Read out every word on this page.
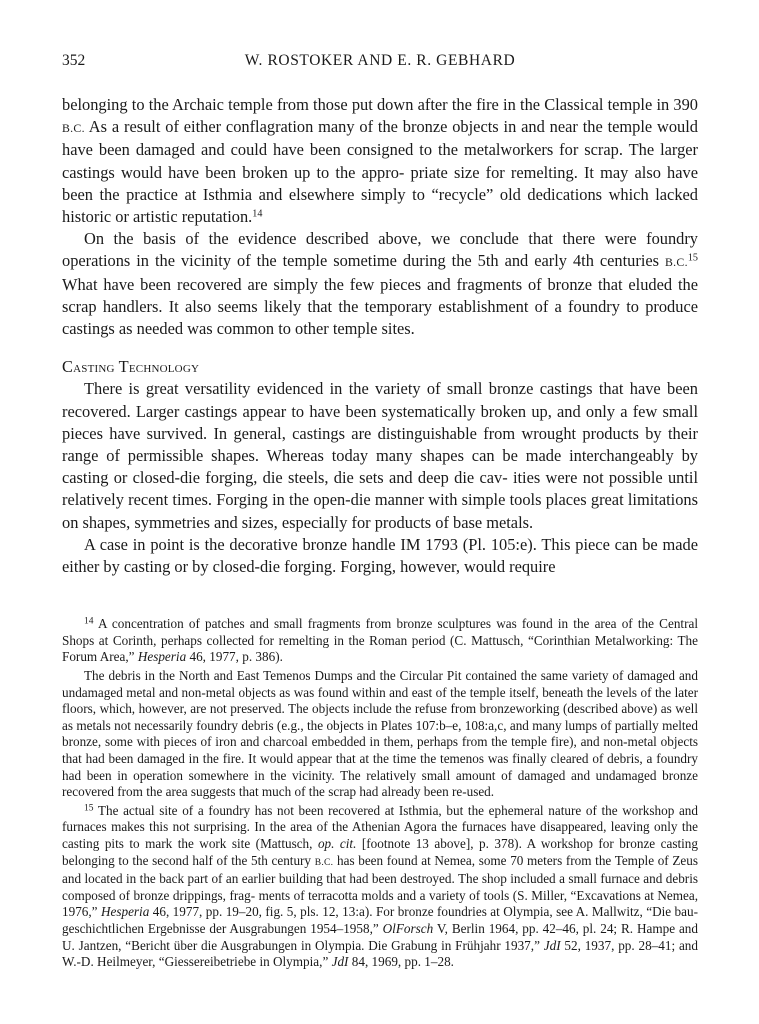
352	W. ROSTOKER AND E. R. GEBHARD

belonging to the Archaic temple from those put down after the fire in the Classical temple in 390 B.C. As a result of either conflagration many of the bronze objects in and near the temple would have been damaged and could have been consigned to the metalworkers for scrap. The larger castings would have been broken up to the appro- priate size for remelting. It may also have been the practice at Isthmia and elsewhere simply to “recycle” old dedications which lacked historic or artistic reputation.$^{14}$

On the basis of the evidence described above, we conclude that there were foundry operations in the vicinity of the temple sometime during the 5th and early 4th centuries B.C.$^{15}$ What have been recovered are simply the few pieces and fragments of bronze that eluded the scrap handlers. It also seems likely that the temporary establishment of a foundry to produce castings as needed was common to other temple sites.

Casting Technology

There is great versatility evidenced in the variety of small bronze castings that have been recovered. Larger castings appear to have been systematically broken up, and only a few small pieces have survived. In general, castings are distinguishable from wrought products by their range of permissible shapes. Whereas today many shapes can be made interchangeably by casting or closed-die forging, die steels, die sets and deep die cav- ities were not possible until relatively recent times. Forging in the open-die manner with simple tools places great limitations on shapes, symmetries and sizes, especially for products of base metals.

A case in point is the decorative bronze handle IM 1793 (Pl. 105:e). This piece can be made either by casting or by closed-die forging. Forging, however, would require

$^{14}$ A concentration of patches and small fragments from bronze sculptures was found in the area of the Central Shops at Corinth, perhaps collected for remelting in the Roman period (C. Mattusch, “Corinthian Metalworking: The Forum Area,” Hesperia 46, 1977, p. 386).

The debris in the North and East Temenos Dumps and the Circular Pit contained the same variety of damaged and undamaged metal and non-metal objects as was found within and east of the temple itself, beneath the levels of the later floors, which, however, are not preserved. The objects include the refuse from bronzeworking (described above) as well as metals not necessarily foundry debris (e.g., the objects in Plates 107:b–e, 108:a,c, and many lumps of partially melted bronze, some with pieces of iron and charcoal embedded in them, perhaps from the temple fire), and non-metal objects that had been damaged in the fire. It would appear that at the time the temenos was finally cleared of debris, a foundry had been in operation somewhere in the vicinity. The relatively small amount of damaged and undamaged bronze recovered from the area suggests that much of the scrap had already been re-used.

$^{15}$ The actual site of a foundry has not been recovered at Isthmia, but the ephemeral nature of the workshop and furnaces makes this not surprising. In the area of the Athenian Agora the furnaces have disappeared, leaving only the casting pits to mark the work site (Mattusch, op. cit. [footnote 13 above], p. 378). A workshop for bronze casting belonging to the second half of the 5th century B.C. has been found at Nemea, some 70 meters from the Temple of Zeus and located in the back part of an earlier building that had been destroyed. The shop included a small furnace and debris composed of bronze drippings, frag- ments of terracotta molds and a variety of tools (S. Miller, “Excavations at Nemea, 1976,” Hesperia 46, 1977, pp. 19–20, fig. 5, pls. 12, 13:a). For bronze foundries at Olympia, see A. Mallwitz, “Die bau- geschichtlichen Ergebnisse der Ausgrabungen 1954–1958,” OlForsch V, Berlin 1964, pp. 42–46, pl. 24; R. Hampe and U. Jantzen, “Bericht über die Ausgrabungen in Olympia. Die Grabung in Frühjahr 1937,” JdI 52, 1937, pp. 28–41; and W.-D. Heilmeyer, “Giessereibetriebe in Olympia,” JdI 84, 1969, pp. 1–28.
